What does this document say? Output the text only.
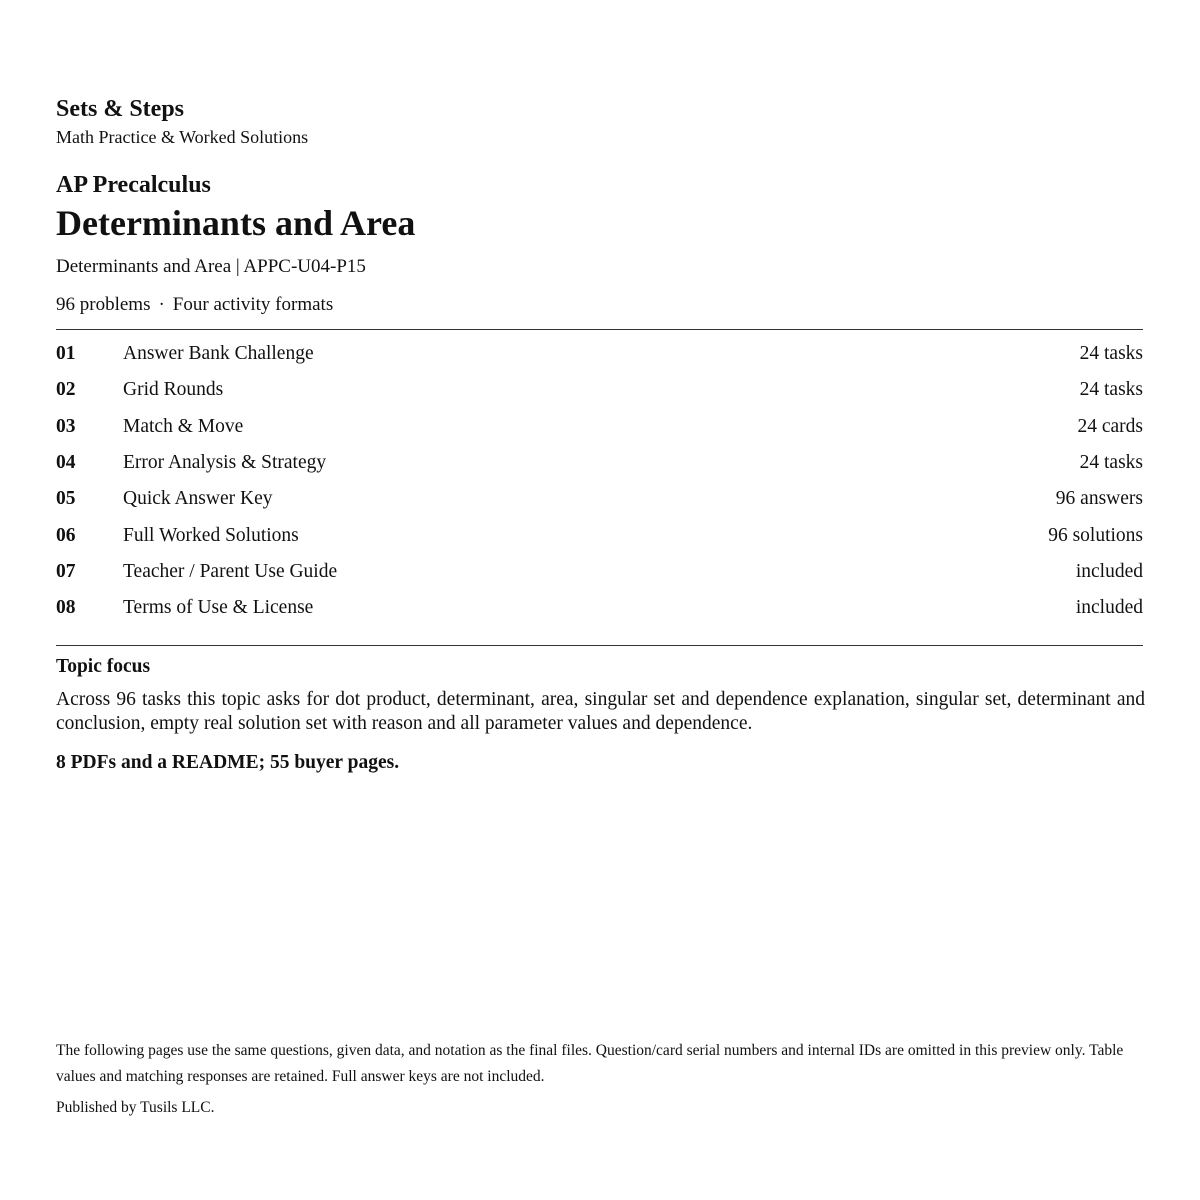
Sets & Steps
Math Practice & Worked Solutions
AP Precalculus
Determinants and Area
Determinants and Area | APPC-U04-P15
96 problems · Four activity formats
01	Answer Bank Challenge	24 tasks
02	Grid Rounds	24 tasks
03	Match & Move	24 cards
04	Error Analysis & Strategy	24 tasks
05	Quick Answer Key	96 answers
06	Full Worked Solutions	96 solutions
07	Teacher / Parent Use Guide	included
08	Terms of Use & License	included
Topic focus
Across 96 tasks this topic asks for dot product, determinant, area, singular set and dependence explanation, singular set, determinant and conclusion, empty real solution set with reason and all parameter values and dependence.
8 PDFs and a README; 55 buyer pages.
The following pages use the same questions, given data, and notation as the final files. Question/card serial numbers and internal IDs are omitted in this preview only. Table values and matching responses are retained. Full answer keys are not included.
Published by Tusils LLC.
